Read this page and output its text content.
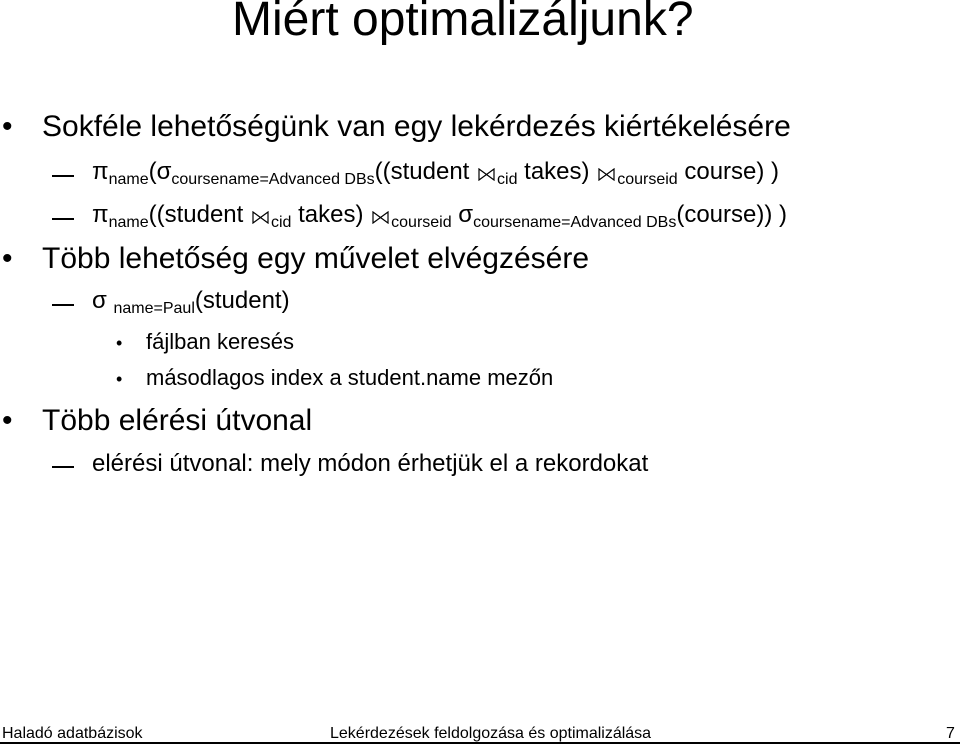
Miért optimalizáljunk?
• Sokféle lehetőségünk van egy lekérdezés kiértékelésére
$\pi_{name}(\sigma_{coursename=Advanced DBs}((student$ $_{cid}$ takes) $_{courseid}$ course) )
$\pi_{name}((student$ $_{cid}$ takes) $_{courseid}$ $\sigma_{coursename=Advanced DBs}(course)$) )
• Több lehetőség egy művelet elvégzésére
σ $_{name=Paul}$(student)
• fájlban keresés
• másodlagos index a student.name mezőn
• Több elérési útvonal
elérési útvonal: mely módon érhetjük el a rekordokat
Haladó adatbázisok	Lekérdezések feldolgozása és optimalizálása	7
